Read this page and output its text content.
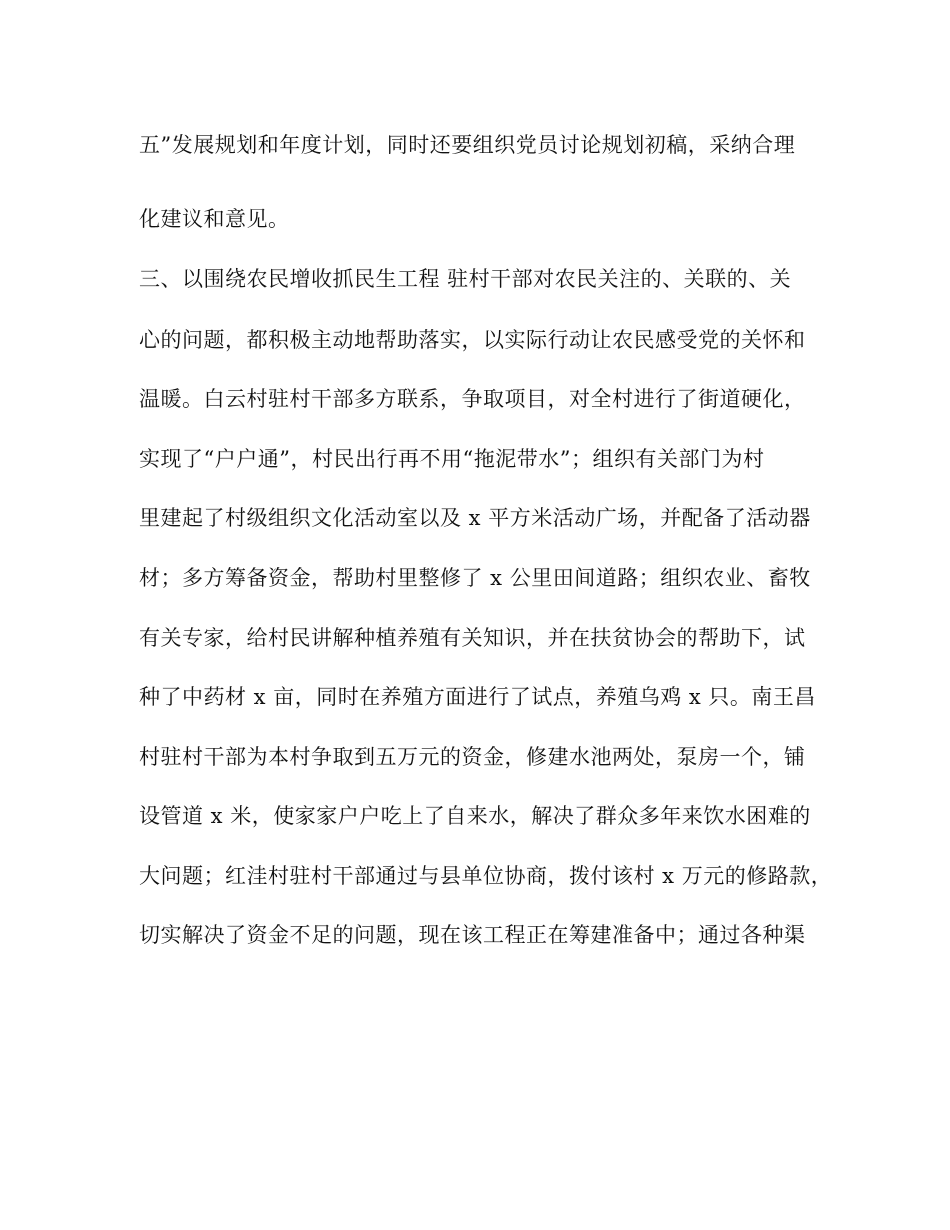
五”发展规划和年度计划，同时还要组织党员讨论规划初稿，采纳合理
化建议和意见。
三、以围绕农民增收抓民生工程 驻村干部对农民关注的、关联的、关
心的问题，都积极主动地帮助落实，以实际行动让农民感受党的关怀和
温暖。白云村驻村干部多方联系，争取项目，对全村进行了街道硬化，
实现了“户户通”，村民出行再不用“拖泥带水”；组织有关部门为村
里建起了村级组织文化活动室以及 x 平方米活动广场，并配备了活动器
材；多方筹备资金，帮助村里整修了 x 公里田间道路；组织农业、畜牧
有关专家，给村民讲解种植养殖有关知识，并在扶贫协会的帮助下，试
种了中药材 x 亩，同时在养殖方面进行了试点，养殖乌鸡 x 只。南王昌
村驻村干部为本村争取到五万元的资金，修建水池两处，泵房一个，铺
设管道 x 米，使家家户户吃上了自来水，解决了群众多年来饮水困难的
大问题；红洼村驻村干部通过与县单位协商，拨付该村 x 万元的修路款，
切实解决了资金不足的问题，现在该工程正在筹建准备中；通过各种渠
